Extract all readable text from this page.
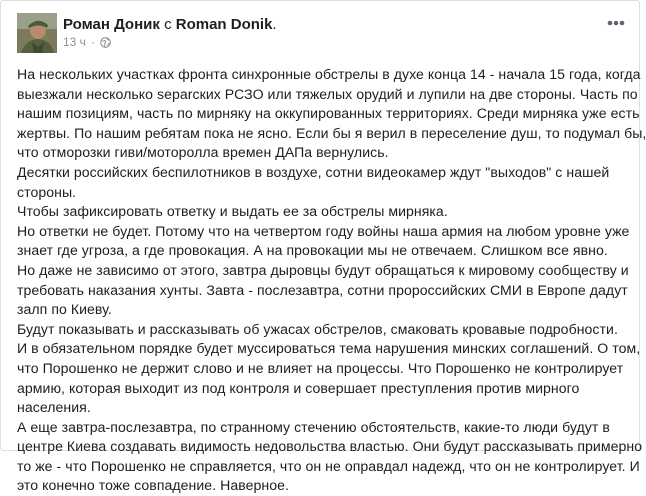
Роман Доник с Roman Donik.
13 ч ·

На нескольких участках фронта синхронные обстрелы в духе конца 14 - начала 15 года, когда

выезжали несколько separских РСЗО или тяжелых орудий и лупили на две стороны. Часть по

нашим позициям, часть по мирняку на оккупированных территориях. Среди мирняка уже есть

жертвы. По нашим ребятам пока не ясно. Если бы я верил в переселение душ, то подумал бы,

что отморозки гиви/моторолла времен ДАПа вернулись.

Десятки российских беспилотников в воздухе, сотни видеокамер ждут "выходов" с нашей

стороны.

Чтобы зафиксировать ответку и выдать ее за обстрелы мирняка.

Но ответки не будет. Потому что на четвертом году войны наша армия на любом уровне уже

знает где угроза, а где провокация. А на провокации мы не отвечаем. Слишком все явно.

Но даже не зависимо от этого, завтра дыровцы будут обращаться к мировому сообществу и

требовать наказания хунты. Завта - послезавтра, сотни пророссийских СМИ в Европе дадут

залп по Киеву.

Будут показывать и рассказывать об ужасах обстрелов, смаковать кровавые подробности.

И в обязательном порядке будет муссироваться тема нарушения минских соглашений. О том,

что Порошенко не держит слово и не влияет на процессы. Что Порошенко не контролирует

армию, которая выходит из под контроля и совершает преступления против мирного

населения.

А еще завтра-послезавтра, по странному стечению обстоятельств, какие-то люди будут в

центре Киева создавать видимость недовольства властью. Они будут рассказывать примерно

то же - что Порошенко не справляется, что он не оправдал надежд, что он не контролирует. И

это конечно тоже совпадение. Наверное.
